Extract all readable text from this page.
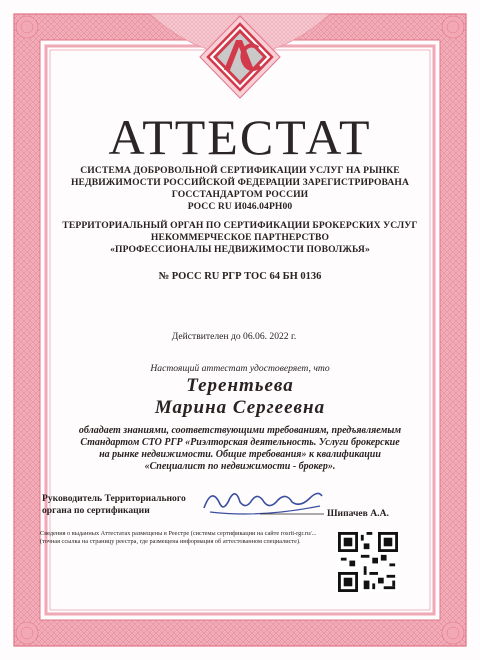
АТТЕСТАТ
СИСТЕМА ДОБРОВОЛЬНОЙ СЕРТИФИКАЦИИ УСЛУГ НА РЫНКЕ
НЕДВИЖИМОСТИ РОССИЙСКОЙ ФЕДЕРАЦИИ ЗАРЕГИСТРИРОВАНА
ГОССТАНДАРТОМ РОССИИ
РОСС RU И046.04РН00
ТЕРРИТОРИАЛЬНЫЙ ОРГАН ПО СЕРТИФИКАЦИИ БРОКЕРСКИХ УСЛУГ
НЕКОММЕРЧЕСКОЕ ПАРТНЕРСТВО
«ПРОФЕССИОНАЛЫ НЕДВИЖИМОСТИ ПОВОЛЖЬЯ»
№ РОСС RU РГР ТОС 64 БН 0136
Действителен до 06.06. 2022 г.
Настоящий аттестат удостоверяет, что
Терентьева
Марина Сергеевна
обладает знаниями, соответствующими требованиям, предъявляемым
Стандартом СТО РГР «Риэлторская деятельность. Услуги брокерские
на рынке недвижимости. Общие требования» к квалификации
«Специалист по недвижимости - брокер».
Руководитель Территориального
органа по сертификации	Шипачев А.А.
Сведения о выданных Аттестатах размещены в Реестре (системы сертификации на сайте rosrit-rgr.ru/...
(точная ссылка на страницу реестра, где размещена информация об аттестованном специалисте).
